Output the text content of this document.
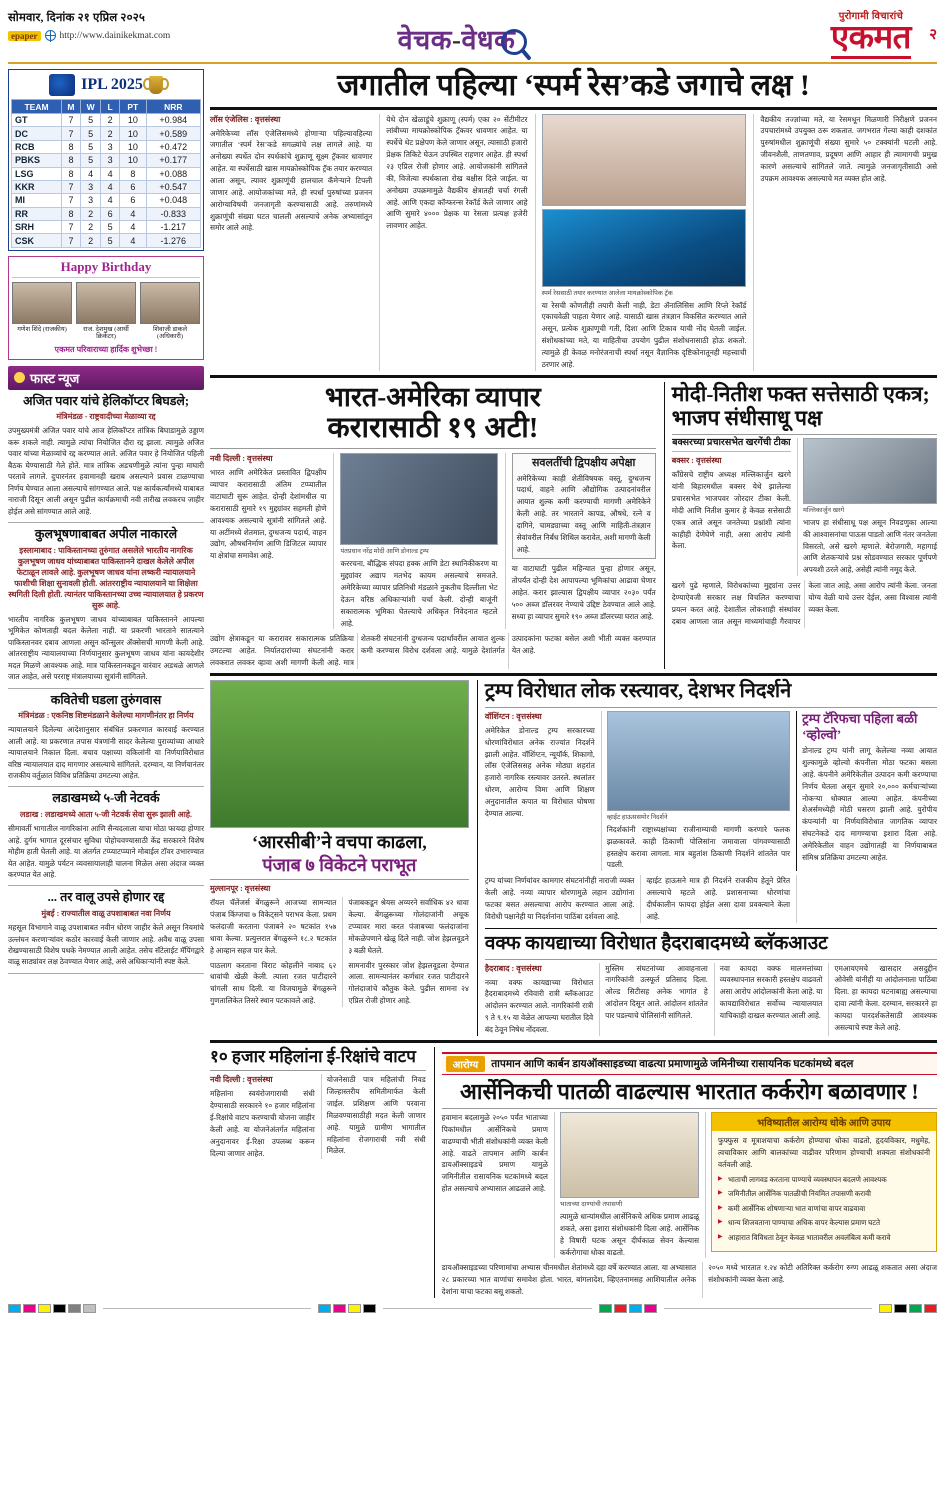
सोमवार, दिनांक २१ एप्रिल २०२५
epaper	http://www.dainikekmat.com	वेचक-वेधक
पुरोगामी विचारांचे
एकमत २
IPL 2025
TEAM	M	W	L	PT	NRR
GT	7	5	2	10	+0.984
DC	7	5	2	10	+0.589
RCB	8	5	3	10	+0.472
PBKS	8	5	3	10	+0.177
LSG	8	4	4	8	+0.088
KKR	7	3	4	6	+0.547
MI	7	3	4	6	+0.048
RR	8	2	6	4	-0.833
SRH	7	2	5	4	-1.217
CSK	7	2	5	4	-1.276
Happy Birthday
गणेश शिंदे (राजकीय)	राज. देशमुख (आर्थी क्रिकेटर)
शिवाजी डाकले (अधिकारी)
एकमत परिवाराच्या हार्दिक शुभेच्छा !
फास्ट न्यूज
अजित पवार यांचे हेलिकॉप्टर बिघडले;
मंत्रिमंडळ - राष्ट्रवादीच्या मेळाव्या रद्द
उपमुख्यमंत्री अजित पवार यांचे आज हेलिकॉप्टर तांत्रिक बिघाडामुळे उड्डाण करू शकले नाही. त्यामुळे त्यांचा नियोजित दौरा रद्द झाला. त्यामुळे अजित पवार यांच्या मेळाव्यांचे रद्द करण्यात आले. अजित पवार हे नियोजित पहिली बैठक घेण्यासाठी गेले होते. मात्र तांत्रिक अडचणीमुळे त्यांना पुन्हा माघारी परतावे लागले. दुपारनंतर हवामानही खराब असल्याने प्रवास टाळण्याचा निर्णय घेण्यात आला असल्याचे सांगण्यात आले. पक्ष कार्यकर्त्यांमध्ये याबाबत नाराजी दिसून आली असून पुढील कार्यक्रमाची नवी तारीख लवकरच जाहीर होईल असे सांगण्यात आले आहे.
कुलभूषणाबाबत अपील नाकारले
इस्लामाबाद : पाकिस्तानच्या तुरुंगात असलेले भारतीय नागरिक कुलभूषण जाधव यांच्याबाबत पाकिस्तानने दाखल केलेले अपील फेटाळून लावले आहे. कुलभूषण जाधव यांना लष्करी न्यायालयाने फाशीची शिक्षा सुनावली होती. आंतरराष्ट्रीय न्यायालयाने या शिक्षेला स्थगिती दिली होती. त्यानंतर पाकिस्तानच्या उच्च न्यायालयात हे प्रकरण सुरू आहे.
भारतीय नागरिक कुलभूषण जाधव यांच्याबाबत पाकिस्तानने आपल्या भूमिकेत कोणताही बदल केलेला नाही. या प्रकरणी भारताने सातत्याने पाकिस्तानवर दबाव आणला असून कॉन्सुलर ॲक्सेसची मागणी केली आहे. आंतरराष्ट्रीय न्यायालयाच्या निर्णयानुसार कुलभूषण जाधव यांना कायदेशीर मदत मिळणे आवश्यक आहे. मात्र पाकिस्तानकडून वारंवार अडथळे आणले जात आहेत, असे परराष्ट्र मंत्रालयाच्या सूत्रांनी सांगितले.
कवितेची घडला तुरुंगवास
मंत्रिमंडळ : एकनिष्ठ शिष्टमंडळाने केलेल्या मागणीनंतर हा निर्णय
न्यायालयाने दिलेल्या आदेशानुसार संबंधित प्रकरणात कारवाई करण्यात आली आहे. या प्रकरणात तपास यंत्रणांनी सादर केलेल्या पुराव्यांच्या आधारे न्यायालयाने निकाल दिला. बचाव पक्षाच्या वकिलांनी या निर्णयाविरोधात वरिष्ठ न्यायालयात दाद मागणार असल्याचे सांगितले. दरम्यान, या निर्णयानंतर राजकीय वर्तुळात विविध प्रतिक्रिया उमटल्या आहेत.
लडाखमध्ये ५-जी नेटवर्क
लडाख : लडाखमध्ये आता ५-जी नेटवर्क सेवा सुरू झाली आहे.
सीमावर्ती भागातील नागरिकांना आणि सैन्यदलाला याचा मोठा फायदा होणार आहे. दुर्गम भागात दूरसंचार सुविधा पोहोचवण्यासाठी केंद्र सरकारने विशेष मोहीम हाती घेतली आहे. या अंतर्गत टप्प्याटप्प्याने मोबाईल टॉवर उभारण्यात येत आहेत. यामुळे पर्यटन व्यवसायालाही चालना मिळेल असा अंदाज व्यक्त करण्यात येत आहे.
... तर वालू उपसे होणार रद्द
मुंबई : राज्यातील वाळू उपशाबाबत नवा निर्णय
महसूल विभागाने वाळू उपशाबाबत नवीन धोरण जाहीर केले असून नियमांचे उल्लंघन करणाऱ्यांवर कठोर कारवाई केली जाणार आहे. अवैध वाळू उपसा रोखण्यासाठी विशेष पथके नेमण्यात आली आहेत. तसेच सॅटेलाईट मॅपिंगद्वारे वाळू साठ्यांवर लक्ष ठेवण्यात येणार आहे, असे अधिकाऱ्यांनी स्पष्ट केले.
जगातील पहिल्या ‘स्पर्म रेस’कडे जगाचे लक्ष !
लॉस एंजेलिस : वृत्तसंस्था
अमेरिकेच्या लॉस एंजेलिसमध्ये होणाऱ्या पहिल्यावहिल्या जगातील ‘स्पर्म रेस’कडे सगळ्यांचे लक्ष लागले आहे. या अनोख्या स्पर्धेत दोन स्पर्धकांचे शुक्राणू सूक्ष्म ट्रॅकवर धावणार आहेत. या स्पर्धेसाठी खास मायक्रोस्कोपिक ट्रॅक तयार करण्यात आला असून, त्यावर शुक्राणूंची हालचाल कॅमेऱ्याने टिपली जाणार आहे. आयोजकांच्या मते, ही स्पर्धा पुरुषांच्या प्रजनन आरोग्याविषयी जनजागृती करण्यासाठी आहे. तरुणांमध्ये शुक्राणूंची संख्या घटत चालली असल्याचे अनेक अभ्यासांतून समोर आले आहे.
येथे दोन खेळाडूंचे शुक्राणू (स्पर्म) एका २० सेंटीमीटर लांबीच्या मायक्रोस्कोपिक ट्रॅकवर धावणार आहेत. या स्पर्धेचे थेट प्रक्षेपण केले जाणार असून, त्यासाठी हजारो प्रेक्षक तिकिटे घेऊन उपस्थित राहणार आहेत. ही स्पर्धा २३ एप्रिल रोजी होणार आहे. आयोजकांनी सांगितले की, विजेत्या स्पर्धकाला रोख बक्षीस दिले जाईल. या अनोख्या उपक्रमामुळे वैद्यकीय क्षेत्रातही चर्चा रंगली आहे. आणि एकदा कॉन्फरन्स रेकॉर्ड केले जाणार आहे आणि सुमारे ४००० प्रेक्षक या रेसला प्रत्यक्ष हजेरी लावणार आहेत.
स्पर्म रेससाठी तयार करण्यात आलेला मायक्रोस्कोपिक ट्रॅक
या रेसची कोणतीही तयारी केली नाही, डेटा ॲनालिसिस आणि रिप्ले रेकॉर्ड एकाचवेळी पाहता येणार आहे. यासाठी खास तंत्रज्ञान विकसित करण्यात आले असून, प्रत्येक शुक्राणूची गती, दिशा आणि टिकाव याची नोंद घेतली जाईल. संशोधकांच्या मते, या माहितीचा उपयोग पुढील संशोधनासाठी होऊ शकतो. त्यामुळे ही केवळ मनोरंजनाची स्पर्धा नसून वैज्ञानिक दृष्टिकोनातूनही महत्त्वाची ठरणार आहे.
वैद्यकीय तज्ज्ञांच्या मते, या रेसमधून मिळणारी निरीक्षणे प्रजनन उपचारांमध्ये उपयुक्त ठरू शकतात. जगभरात गेल्या काही दशकांत पुरुषांमधील शुक्राणूंची संख्या सुमारे ५० टक्क्यांनी घटली आहे. जीवनशैली, ताणतणाव, प्रदूषण आणि आहार ही त्यामागची प्रमुख कारणे असल्याचे सांगितले जाते. त्यामुळे जनजागृतीसाठी असे उपक्रम आवश्यक असल्याचे मत व्यक्त होत आहे.
भारत-अमेरिका व्यापार
करारासाठी १९ अटी!
नवी दिल्ली : वृत्तसंस्था
भारत आणि अमेरिकेत प्रस्तावित द्विपक्षीय व्यापार करारासाठी अंतिम टप्प्यातील वाटाघाटी सुरू आहेत. दोन्ही देशांमधील या करारासाठी सुमारे १९ मुद्द्यांवर सहमती होणे आवश्यक असल्याचे सूत्रांनी सांगितले आहे. या अटींमध्ये शेतमाल, दुग्धजन्य पदार्थ, वाहन उद्योग, औषधनिर्माण आणि डिजिटल व्यापार या क्षेत्रांचा समावेश आहे.	पंतप्रधान नरेंद्र मोदी आणि डोनाल्ड ट्रम्प
कररचना, बौद्धिक संपदा हक्क आणि डेटा स्थानिकीकरण या मुद्द्यांवर अद्याप मतभेद कायम असल्याचे समजते. अमेरिकेच्या व्यापार प्रतिनिधी मंडळाने नुकतीच दिल्लीला भेट देऊन वरिष्ठ अधिकाऱ्यांशी चर्चा केली. दोन्ही बाजूंनी सकारात्मक भूमिका घेतल्याचे अधिकृत निवेदनात म्हटले आहे.
सवलतींची द्विपक्षीय अपेक्षा
अमेरिकेच्या काही शेतीविषयक वस्तू, दुग्धजन्य पदार्थ, वाहने आणि औद्योगिक उत्पादनांवरील आयात शुल्क कमी करण्याची मागणी अमेरिकेने केली आहे. तर भारताने कापड, औषधे, रत्ने व दागिने, चामड्याच्या वस्तू आणि माहिती-तंत्रज्ञान सेवांवरील निर्बंध शिथिल करावेत, अशी मागणी केली आहे.
या वाटाघाटी पुढील महिन्यात पुन्हा होणार असून, तोपर्यंत दोन्ही देश आपापल्या भूमिकांचा आढावा घेणार आहेत. करार झाल्यास द्विपक्षीय व्यापार २०३० पर्यंत ५०० अब्ज डॉलरवर नेण्याचे उद्दिष्ट ठेवण्यात आले आहे. सध्या हा व्यापार सुमारे १९० अब्ज डॉलरच्या घरात आहे.
उद्योग क्षेत्राकडून या करारावर सकारात्मक प्रतिक्रिया उमटल्या आहेत. निर्यातदारांच्या संघटनांनी करार लवकरात लवकर व्हावा अशी मागणी केली आहे. मात्र शेतकरी संघटनांनी दुग्धजन्य पदार्थांवरील आयात शुल्क कमी करण्यास विरोध दर्शवला आहे. यामुळे देशांतर्गत उत्पादकांना फटका बसेल अशी भीती व्यक्त करण्यात येत आहे.
मोदी-नितीश फक्त सत्तेसाठी एकत्र; भाजप संधीसाधू पक्ष
बक्सरच्या प्रचारसभेत खरगेंची टीका
बक्सर : वृत्तसंस्था
काँग्रेसचे राष्ट्रीय अध्यक्ष मल्लिकार्जुन खरगे यांनी बिहारमधील बक्सर येथे झालेल्या प्रचारसभेत भाजपवर जोरदार टीका केली. मोदी आणि नितीश कुमार हे केवळ सत्तेसाठी एकत्र आले असून जनतेच्या प्रश्नांशी त्यांना काहीही देणेघेणे नाही, असा आरोप त्यांनी केला.
मल्लिकार्जुन खरगे
भाजप हा संधीसाधू पक्ष असून निवडणुका आल्या की आश्वासनांचा पाऊस पाडतो आणि नंतर जनतेला विसरतो, असे खरगे म्हणाले. बेरोजगारी, महागाई आणि शेतकऱ्यांचे प्रश्न सोडवण्यात सरकार पूर्णपणे अपयशी ठरले आहे, असेही त्यांनी नमूद केले.
खरगे पुढे म्हणाले, विरोधकांच्या मुद्द्यांना उत्तर देण्याऐवजी सरकार लक्ष विचलित करण्याचा प्रयत्न करत आहे. देशातील लोकशाही संस्थांवर दबाव आणला जात असून माध्यमांचाही गैरवापर केला जात आहे, असा आरोप त्यांनी केला. जनता योग्य वेळी याचे उत्तर देईल, असा विश्वास त्यांनी व्यक्त केला.
‘आरसीबी’ने वचपा काढला,
पंजाब ७ विकेटने पराभूत
मुल्लानपूर : वृत्तसंस्था
रॉयल चॅलेंजर्स बेंगळुरूने आजच्या सामन्यात पंजाब किंग्जचा ७ विकेट्सने पराभव केला. प्रथम फलंदाजी करताना पंजाबने २० षटकांत १५७ धावा केल्या. प्रत्युत्तरात बेंगळुरूने १८.२ षटकांत हे आव्हान सहज पार केले.
पाठलाग करताना विराट कोहलीने नाबाद ६२ धावांची खेळी केली. त्याला रजत पाटीदारने चांगली साथ दिली. या विजयामुळे बेंगळुरूने गुणतालिकेत तिसरे स्थान पटकावले आहे.
पंजाबकडून श्रेयस अय्यरने सर्वाधिक ४२ धावा केल्या. बेंगळुरूच्या गोलंदाजांनी अचूक टप्प्यावर मारा करत पंजाबच्या फलंदाजांना मोकळेपणाने खेळू दिले नाही. जोश हेझलवूडने ३ बळी घेतले.
सामनावीर पुरस्कार जोश हेझलवूडला देण्यात आला. सामन्यानंतर कर्णधार रजत पाटीदारने गोलंदाजांचे कौतुक केले. पुढील सामना २४ एप्रिल रोजी होणार आहे.
ट्रम्प विरोधात लोक रस्त्यावर, देशभर निदर्शने
वॉशिंग्टन : वृत्तसंस्था
अमेरिकेत डोनाल्ड ट्रम्प सरकारच्या धोरणांविरोधात अनेक राज्यांत निदर्शने झाली आहेत. वॉशिंग्टन, न्यूयॉर्क, शिकागो, लॉस एंजेलिससह अनेक मोठ्या शहरांत हजारो नागरिक रस्त्यावर उतरले. स्थलांतर धोरण, आरोग्य विमा आणि शिक्षण अनुदानातील कपात या विरोधात घोषणा देण्यात आल्या.	व्हाईट हाऊससमोर निदर्शने
निदर्शकांनी राष्ट्राध्यक्षांच्या राजीनाम्याची मागणी करणारे फलक झळकावले. काही ठिकाणी पोलिसांना जमावाला पांगवण्यासाठी हस्तक्षेप करावा लागला. मात्र बहुतांश ठिकाणी निदर्शने शांततेत पार पडली.
ट्रम्प टॅरिफचा पहिला बळी ‘व्होल्वो’
डोनाल्ड ट्रम्प यांनी लागू केलेल्या नव्या आयात शुल्कामुळे व्होल्वो कंपनीला मोठा फटका बसला आहे. कंपनीने अमेरिकेतील उत्पादन कमी करण्याचा निर्णय घेतला असून सुमारे २०,००० कर्मचाऱ्यांच्या नोकऱ्या धोक्यात आल्या आहेत. कंपनीच्या शेअर्समध्येही मोठी घसरण झाली आहे. युरोपीय कंपन्यांनी या निर्णयाविरोधात जागतिक व्यापार संघटनेकडे दाद मागण्याचा इशारा दिला आहे. अमेरिकेतील वाहन उद्योगातही या निर्णयाबाबत संमिश्र प्रतिक्रिया उमटल्या आहेत.
ट्रम्प यांच्या निर्णयांवर कामगार संघटनांनीही नाराजी व्यक्त केली आहे. नव्या व्यापार धोरणामुळे लहान उद्योगांना फटका बसत असल्याचा आरोप करण्यात आला आहे. विरोधी पक्षानेही या निदर्शनांना पाठिंबा दर्शवला आहे.
व्हाईट हाऊसने मात्र ही निदर्शने राजकीय हेतूने प्रेरित असल्याचे म्हटले आहे. प्रशासनाच्या धोरणांचा दीर्घकालीन फायदा होईल असा दावा प्रवक्त्याने केला आहे.
वक्फ कायद्याच्या विरोधात हैदराबादमध्ये ब्लॅकआउट
हैदराबाद : वृत्तसंस्था
नव्या वक्फ कायद्याच्या विरोधात हैदराबादमध्ये रविवारी रात्री ब्लॅकआउट आंदोलन करण्यात आले. नागरिकांनी रात्री ९ ते ९.१५ या वेळेत आपल्या घरातील दिवे बंद ठेवून निषेध नोंदवला.
मुस्लिम संघटनांच्या आवाहनाला नागरिकांनी उत्स्फूर्त प्रतिसाद दिला. ओल्ड सिटीसह अनेक भागांत हे आंदोलन दिसून आले. आंदोलन शांततेत पार पडल्याचे पोलिसांनी सांगितले.
नवा कायदा वक्फ मालमत्तांच्या व्यवस्थापनात सरकारी हस्तक्षेप वाढवतो असा आरोप आंदोलकांनी केला आहे. या कायद्याविरोधात सर्वोच्च न्यायालयात याचिकाही दाखल करण्यात आली आहे.
एमआयएमचे खासदार असदुद्दीन ओवेसी यांनीही या आंदोलनाला पाठिंबा दिला. हा कायदा घटनाबाह्य असल्याचा दावा त्यांनी केला. दरम्यान, सरकारने हा कायदा पारदर्शकतेसाठी आवश्यक असल्याचे स्पष्ट केले आहे.
१० हजार महिलांना ई-रिक्षांचे वाटप
नवी दिल्ली : वृत्तसंस्था
महिलांना स्वयंरोजगाराची संधी देण्यासाठी सरकारने १० हजार महिलांना ई-रिक्षांचे वाटप करण्याची योजना जाहीर केली आहे. या योजनेअंतर्गत महिलांना अनुदानावर ई-रिक्षा उपलब्ध करून दिल्या जाणार आहेत.
योजनेसाठी पात्र महिलांची निवड जिल्हास्तरीय समितीमार्फत केली जाईल. प्रशिक्षण आणि परवाना मिळवण्यासाठीही मदत केली जाणार आहे. यामुळे ग्रामीण भागातील महिलांना रोजगाराची नवी संधी मिळेल.
आरोग्य	तापमान आणि कार्बन डायऑक्साइडच्या वाढत्या प्रमाणामुळे जमिनीच्या रासायनिक घटकांमध्ये बदल
आर्सेनिकची पातळी वाढल्यास भारतात कर्करोग बळावणार !
हवामान बदलामुळे २०५० पर्यंत भाताच्या पिकांमधील आर्सेनिकचे प्रमाण वाढण्याची भीती संशोधकांनी व्यक्त केली आहे. वाढते तापमान आणि कार्बन डायऑक्साइडचे प्रमाण यामुळे जमिनीतील रासायनिक घटकांमध्ये बदल होत असल्याचे अभ्यासात आढळले आहे.
भाताच्या दाण्यांची तपासणी
त्यामुळे धान्यांमधील आर्सेनिकचे अधिक प्रमाण आढळू शकते, असा इशारा संशोधकांनी दिला आहे. आर्सेनिक हे विषारी घटक असून दीर्घकाळ सेवन केल्यास कर्करोगाचा धोका वाढतो.
भविष्यातील आरोग्य धोके आणि उपाय
फुफ्फुस व मूत्राशयाचा कर्करोग होण्याचा धोका वाढतो, हृदयविकार, मधुमेह, त्वचाविकार आणि बालकांच्या वाढीवर परिणाम होण्याची शक्यता संशोधकांनी वर्तवली आहे.
▶ भाताची लागवड करताना पाण्याचे व्यवस्थापन बदलणे आवश्यक
▶ जमिनीतील आर्सेनिक पातळीची नियमित तपासणी करावी
▶ कमी आर्सेनिक शोषणाऱ्या भात वाणांचा वापर वाढवावा
▶ धान्य शिजवताना पाण्याचा अधिक वापर केल्यास प्रमाण घटते
▶ आहारात विविधता ठेवून केवळ भातावरील अवलंबित्व कमी करावे
डायऑक्साइडच्या परिणामांचा अभ्यास चीनमधील शेतांमध्ये दहा वर्षे करण्यात आला. या अभ्यासात २८ प्रकारच्या भात वाणांचा समावेश होता. भारत, बांगलादेश, व्हिएतनामसह आशियातील अनेक देशांना याचा फटका बसू शकतो.
२०५० मध्ये भारतात १.२४ कोटी अतिरिक्त कर्करोग रुग्ण आढळू शकतात असा अंदाज संशोधकांनी व्यक्त केला आहे.
